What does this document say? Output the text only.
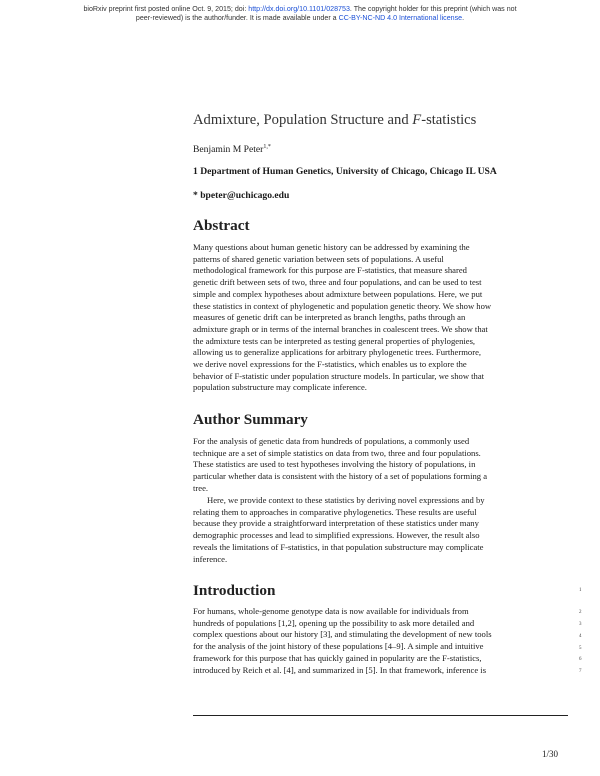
bioRxiv preprint first posted online Oct. 9, 2015; doi: http://dx.doi.org/10.1101/028753. The copyright holder for this preprint (which was not
peer-reviewed) is the author/funder. It is made available under a CC-BY-NC-ND 4.0 International license.
Admixture, Population Structure and F-statistics
Benjamin M Peter$^{1,*}$
1 Department of Human Genetics, University of Chicago, Chicago IL USA
* bpeter@uchicago.edu
Abstract
Many questions about human genetic history can be addressed by examining the
patterns of shared genetic variation between sets of populations. A useful
methodological framework for this purpose are F-statistics, that measure shared
genetic drift between sets of two, three and four populations, and can be used to test
simple and complex hypotheses about admixture between populations. Here, we put
these statistics in context of phylogenetic and population genetic theory. We show how
measures of genetic drift can be interpreted as branch lengths, paths through an
admixture graph or in terms of the internal branches in coalescent trees. We show that
the admixture tests can be interpreted as testing general properties of phylogenies,
allowing us to generalize applications for arbitrary phylogenetic trees. Furthermore,
we derive novel expressions for the F-statistics, which enables us to explore the
behavior of F-statistic under population structure models. In particular, we show that
population substructure may complicate inference.
Author Summary
For the analysis of genetic data from hundreds of populations, a commonly used
technique are a set of simple statistics on data from two, three and four populations.
These statistics are used to test hypotheses involving the history of populations, in
particular whether data is consistent with the history of a set of populations forming a
tree.
Here, we provide context to these statistics by deriving novel expressions and by
relating them to approaches in comparative phylogenetics. These results are useful
because they provide a straightforward interpretation of these statistics under many
demographic processes and lead to simplified expressions. However, the result also
reveals the limitations of F-statistics, in that population substructure may complicate
inference.
Introduction
For humans, whole-genome genotype data is now available for individuals from
hundreds of populations [1,2], opening up the possibility to ask more detailed and
complex questions about our history [3], and stimulating the development of new tools
for the analysis of the joint history of these populations [4–9]. A simple and intuitive
framework for this purpose that has quickly gained in popularity are the F-statistics,
introduced by Reich et al. [4], and summarized in [5]. In that framework, inference is
1
2
3
4
5
6
7
1/30
